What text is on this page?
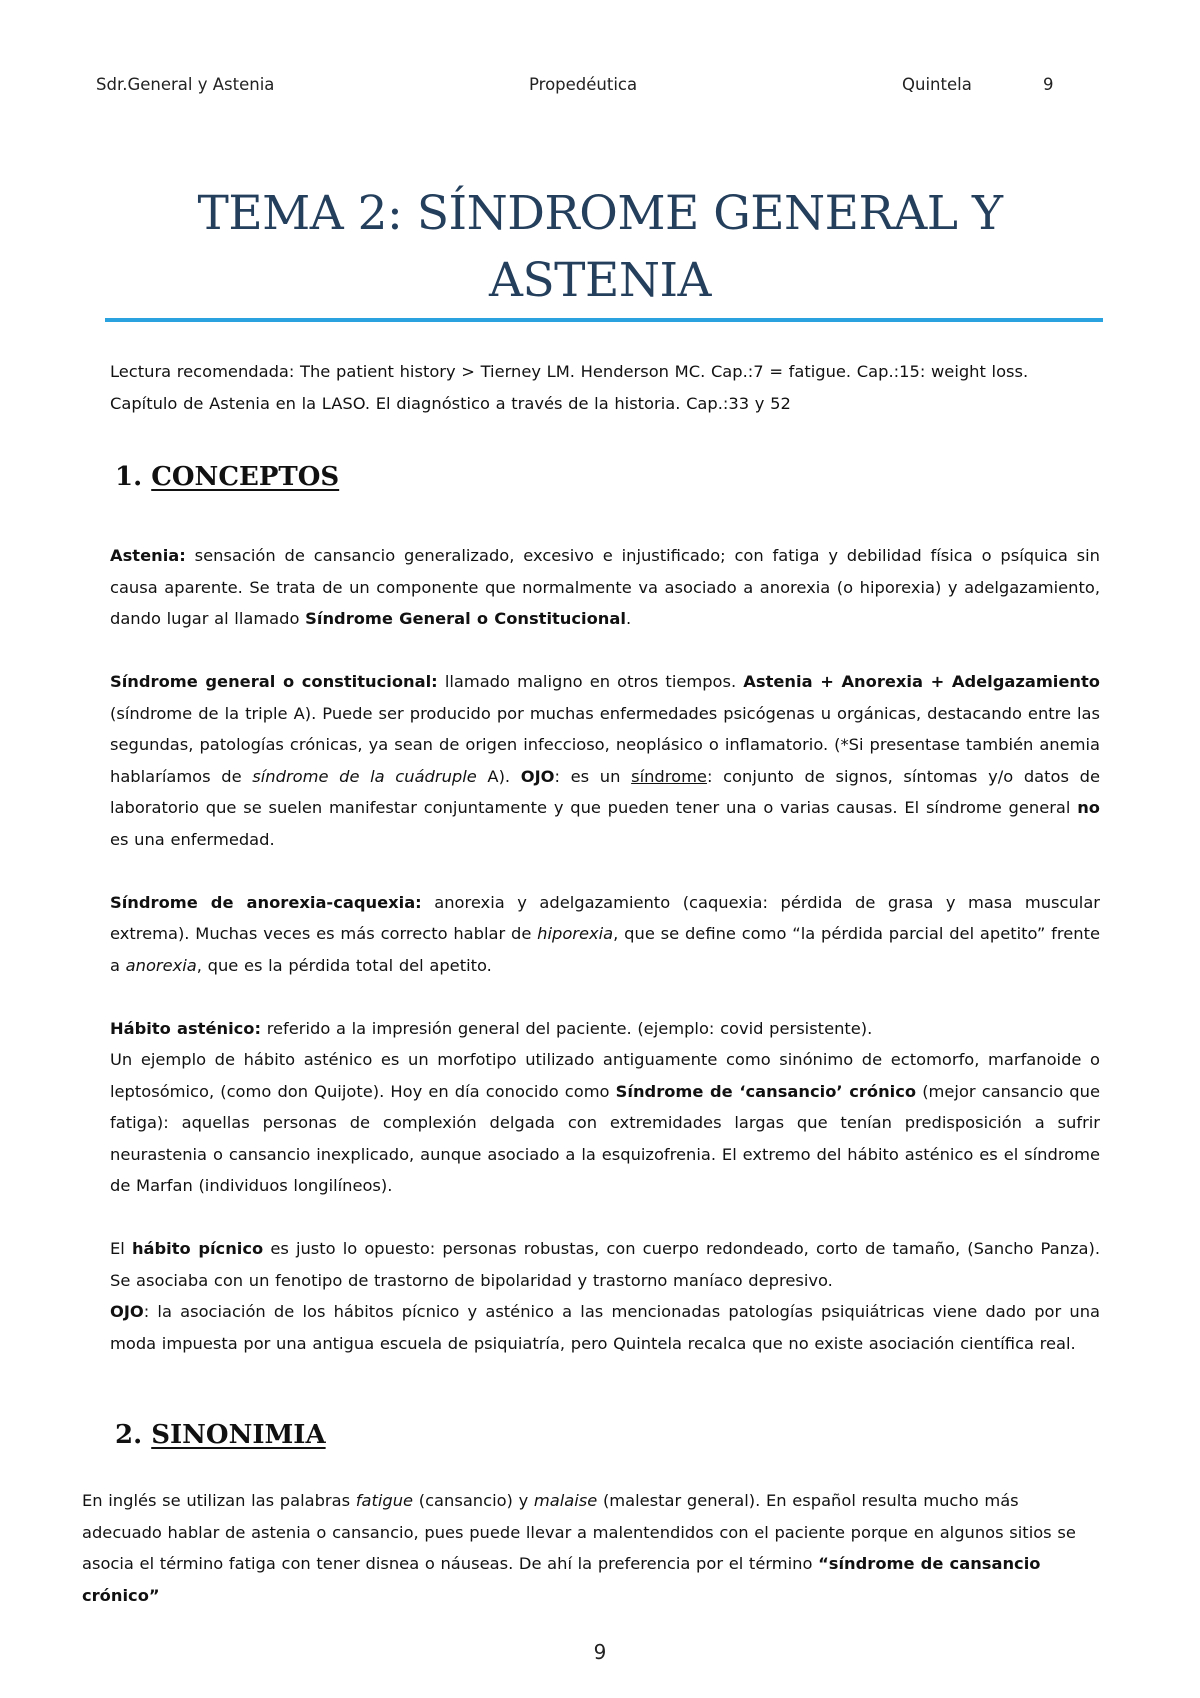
Sdr.General y Astenia	Propedéutica	Quintela	9
TEMA 2: SÍNDROME GENERAL Y
ASTENIA

Lectura recomendada: The patient history > Tierney LM. Henderson MC. Cap.:7 = fatigue. Cap.:15: weight loss. Capítulo de Astenia en la LASO. El diagnóstico a través de la historia. Cap.:33 y 52

1. CONCEPTOS

Astenia: sensación de cansancio generalizado, excesivo e injustificado; con fatiga y debilidad física o psíquica sin causa aparente. Se trata de un componente que normalmente va asociado a anorexia (o hiporexia) y adelgazamiento, dando lugar al llamado Síndrome General o Constitucional.

Síndrome general o constitucional: llamado maligno en otros tiempos. Astenia + Anorexia + Adelgazamiento (síndrome de la triple A). Puede ser producido por muchas enfermedades psicógenas u orgánicas, destacando entre las segundas, patologías crónicas, ya sean de origen infeccioso, neoplásico o inflamatorio. (*Si presentase también anemia hablaríamos de síndrome de la cuádruple A). OJO: es un síndrome: conjunto de signos, síntomas y/o datos de laboratorio que se suelen manifestar conjuntamente y que pueden tener una o varias causas. El síndrome general no es una enfermedad.

Síndrome de anorexia-caquexia: anorexia y adelgazamiento (caquexia: pérdida de grasa y masa muscular extrema). Muchas veces es más correcto hablar de hiporexia, que se define como “la pérdida parcial del apetito” frente a anorexia, que es la pérdida total del apetito.

Hábito asténico: referido a la impresión general del paciente. (ejemplo: covid persistente).

Un ejemplo de hábito asténico es un morfotipo utilizado antiguamente como sinónimo de ectomorfo, marfanoide o leptosómico, (como don Quijote). Hoy en día conocido como Síndrome de ‘cansancio’ crónico (mejor cansancio que fatiga): aquellas personas de complexión delgada con extremidades largas que tenían predisposición a sufrir neurastenia o cansancio inexplicado, aunque asociado a la esquizofrenia. El extremo del hábito asténico es el síndrome de Marfan (individuos longilíneos).

El hábito pícnico es justo lo opuesto: personas robustas, con cuerpo redondeado, corto de tamaño, (Sancho Panza). Se asociaba con un fenotipo de trastorno de bipolaridad y trastorno maníaco depresivo.

OJO: la asociación de los hábitos pícnico y asténico a las mencionadas patologías psiquiátricas viene dado por una moda impuesta por una antigua escuela de psiquiatría, pero Quintela recalca que no existe asociación científica real.

2. SINONIMIA

En inglés se utilizan las palabras fatigue (cansancio) y malaise (malestar general). En español resulta mucho más adecuado hablar de astenia o cansancio, pues puede llevar a malentendidos con el paciente porque en algunos sitios se asocia el término fatiga con tener disnea o náuseas. De ahí la preferencia por el término “síndrome de cansancio crónico”

9
